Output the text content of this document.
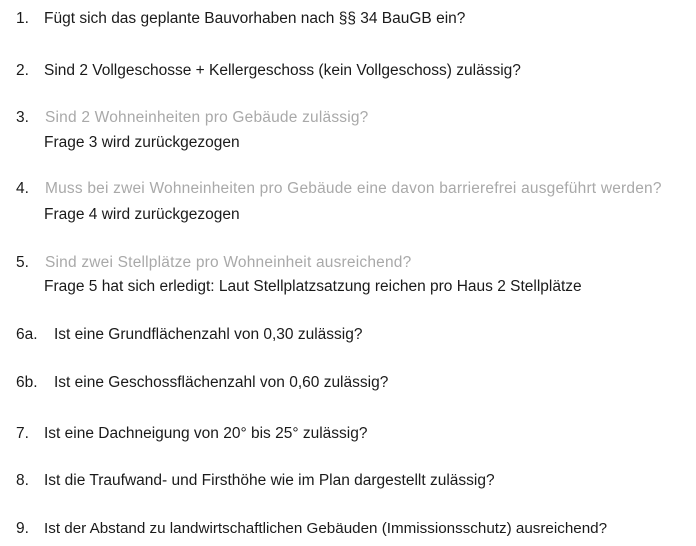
1. Fügt sich das geplante Bauvorhaben nach §§ 34 BauGB ein?
2. Sind 2 Vollgeschosse + Kellergeschoss (kein Vollgeschoss) zulässig?
3. Sind 2 Wohneinheiten pro Gebäude zulässig?
Frage 3 wird zurückgezogen
4. Muss bei zwei Wohneinheiten pro Gebäude eine davon barrierefrei ausgeführt werden?
Frage 4 wird zurückgezogen
5. Sind zwei Stellplätze pro Wohneinheit ausreichend?
Frage 5 hat sich erledigt: Laut Stellplatzsatzung reichen pro Haus 2 Stellplätze
6a. Ist eine Grundflächenzahl von 0,30 zulässig?
6b. Ist eine Geschossflächenzahl von 0,60 zulässig?
7. Ist eine Dachneigung von 20° bis 25° zulässig?
8. Ist die Traufwand- und Firsthöhe wie im Plan dargestellt zulässig?
9. Ist der Abstand zu landwirtschaftlichen Gebäuden (Immissionsschutz) ausreichend?
